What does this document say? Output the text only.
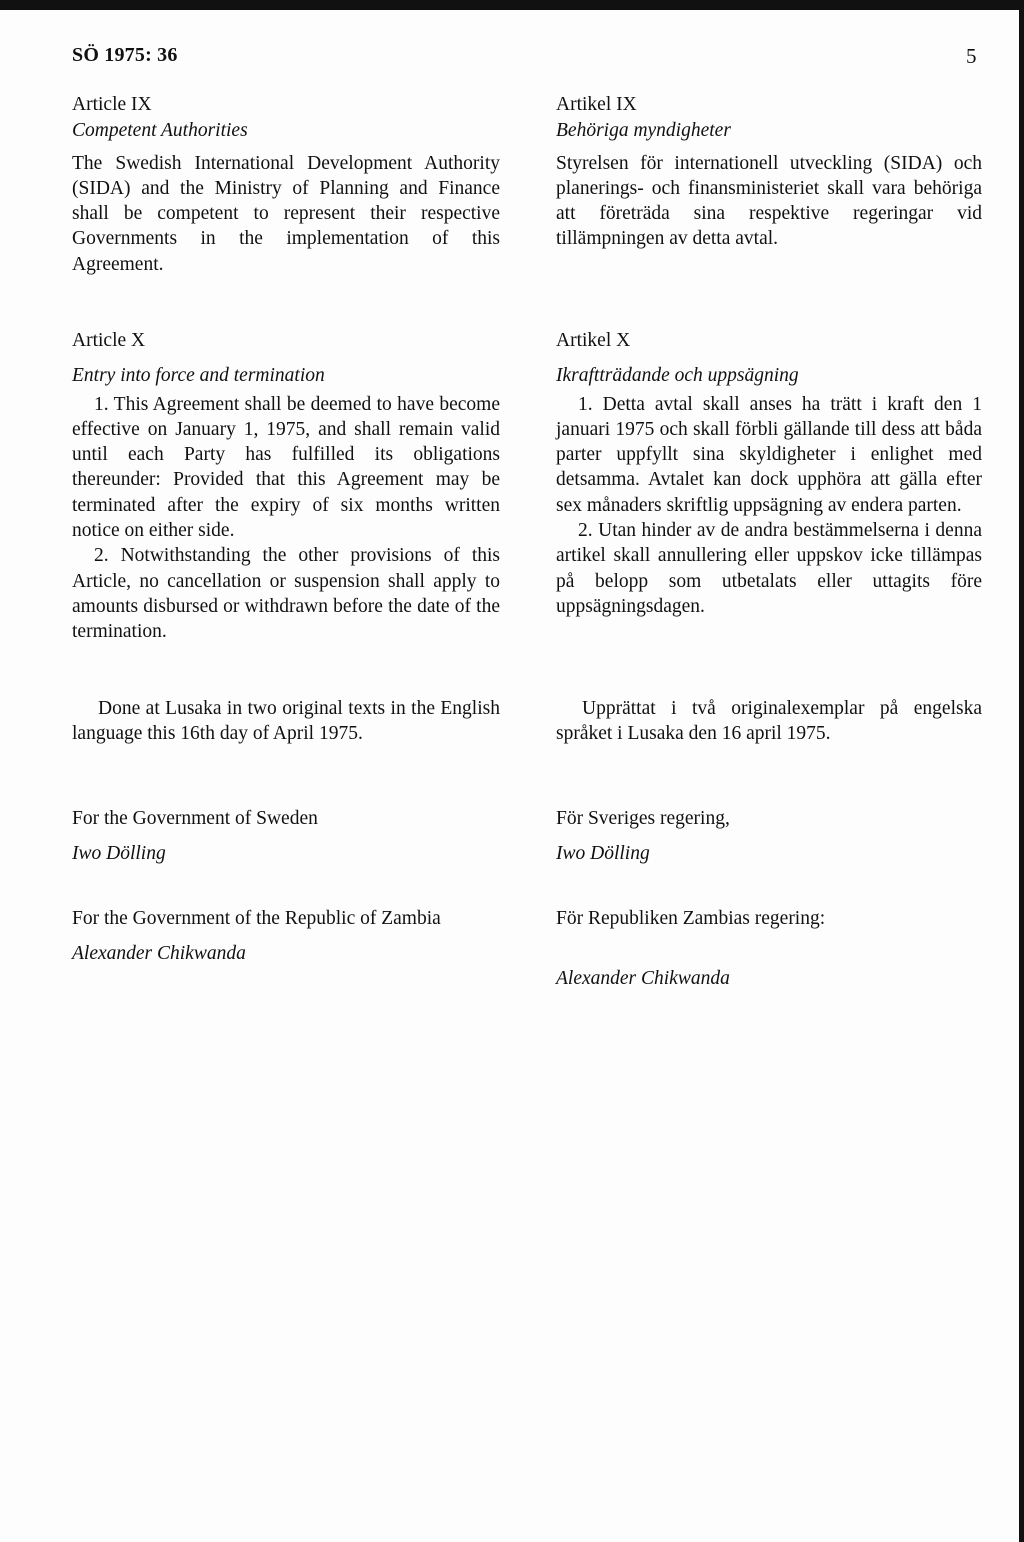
SÖ 1975: 36	5

Article IX

Competent Authorities

The Swedish International Development Authority (SIDA) and the Ministry of Planning and Finance shall be competent to represent their respective Governments in the implementation of this Agreement.

Article X

Entry into force and termination

1. This Agreement shall be deemed to have become effective on January 1, 1975, and shall remain valid until each Party has fulfilled its obligations thereunder: Provided that this Agreement may be terminated after the expiry of six months written notice on either side.

2. Notwithstanding the other provisions of this Article, no cancellation or suspension shall apply to amounts disbursed or withdrawn before the date of the termination.

Done at Lusaka in two original texts in the English language this 16th day of April 1975.

For the Government of Sweden

Iwo Dölling

For the Government of the Republic of Zambia

Alexander Chikwanda

Artikel IX

Behöriga myndigheter

Styrelsen för internationell utveckling (SIDA) och planerings- och finansministeriet skall vara behöriga att företräda sina respektive regeringar vid tillämpningen av detta avtal.

Artikel X

Ikraftträdande och uppsägning

1. Detta avtal skall anses ha trätt i kraft den 1 januari 1975 och skall förbli gällande till dess att båda parter uppfyllt sina skyldigheter i enlighet med detsamma. Avtalet kan dock upphöra att gälla efter sex månaders skriftlig uppsägning av endera parten.

2. Utan hinder av de andra bestämmelserna i denna artikel skall annullering eller uppskov icke tillämpas på belopp som utbetalats eller uttagits före uppsägningsdagen.

Upprättat i två originalexemplar på engelska språket i Lusaka den 16 april 1975.

För Sveriges regering,

Iwo Dölling

För Republiken Zambias regering:

Alexander Chikwanda
